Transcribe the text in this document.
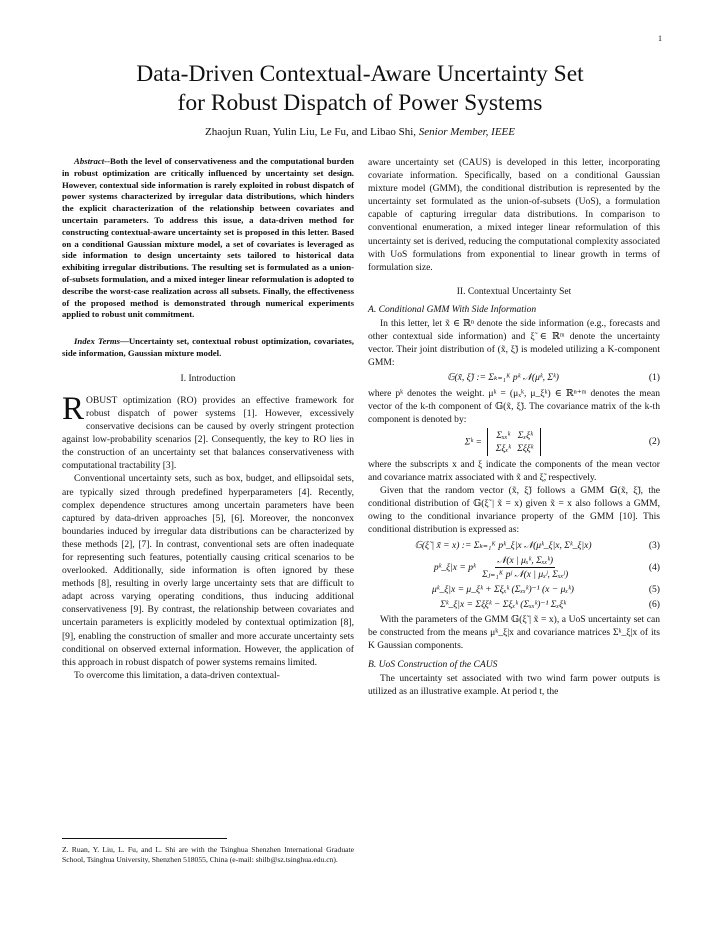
1
Data-Driven Contextual-Aware Uncertainty Set
for Robust Dispatch of Power Systems
Zhaojun Ruan, Yulin Liu, Le Fu, and Libao Shi, Senior Member, IEEE

Abstract--Both the level of conservativeness and the computational burden in robust optimization are critically influenced by uncertainty set design. However, contextual side information is rarely exploited in robust dispatch of power systems characterized by irregular data distributions, which hinders the explicit characterization of the relationship between covariates and uncertain parameters. To address this issue, a data-driven method for constructing contextual-aware uncertainty set is proposed in this letter. Based on a conditional Gaussian mixture model, a set of covariates is leveraged as side information to design uncertainty sets tailored to historical data exhibiting irregular distributions. The resulting set is formulated as a union-of-subsets formulation, and a mixed integer linear reformulation is adopted to describe the worst-case realization across all subsets. Finally, the effectiveness of the proposed method is demonstrated through numerical experiments applied to robust unit commitment.

Index Terms—Uncertainty set, contextual robust optimization, covariates, side information, Gaussian mixture model.

I. Introduction

ROBUST optimization (RO) provides an effective framework for robust dispatch of power systems [1]. However, excessively conservative decisions can be caused by overly stringent protection against low-probability scenarios [2]. Consequently, the key to RO lies in the construction of an uncertainty set that balances conservativeness with computational tractability [3].

Conventional uncertainty sets, such as box, budget, and ellipsoidal sets, are typically sized through predefined hyperparameters [4]. Recently, complex dependence structures among uncertain parameters have been captured by data-driven approaches [5], [6]. Moreover, the nonconvex boundaries induced by irregular data distributions can be characterized by these methods [2], [7]. In contrast, conventional sets are often inadequate for representing such features, potentially causing critical scenarios to be overlooked. Additionally, side information is often ignored by these methods [8], resulting in overly large uncertainty sets that are difficult to adapt across varying operating conditions, thus inducing additional conservativeness [9]. By contrast, the relationship between covariates and uncertain parameters is explicitly modeled by contextual optimization [8], [9], enabling the construction of smaller and more accurate uncertainty sets conditional on observed external information. However, the application of this approach in robust dispatch of power systems remains limited.

To overcome this limitation, a data-driven contextual-

Z. Ruan, Y. Liu, L. Fu, and L. Shi are with the Tsinghua Shenzhen International Graduate School, Tsinghua University, Shenzhen 518055, China (e-mail: shilb@sz.tsinghua.edu.cn).

aware uncertainty set (CAUS) is developed in this letter, incorporating covariate information. Specifically, based on a conditional Gaussian mixture model (GMM), the conditional distribution is represented by the uncertainty set formulated as the union-of-subsets (UoS), a formulation capable of capturing irregular data distributions. In comparison to conventional enumeration, a mixed integer linear reformulation of this uncertainty set is derived, reducing the computational complexity associated with UoS formulations from exponential to linear growth in terms of formulation size.

II. Contextual Uncertainty Set
A. Conditional GMM With Side Information

In this letter, let x̃ ∈ ℝⁿ denote the side information (e.g., forecasts and other contextual side information) and ξ̃ ∈ ℝᵐ denote the uncertainty vector. Their joint distribution of (x̃, ξ̃) is modeled utilizing a K-component GMM:

𝔾(x̃, ξ̃) := Σₖ₌₁ᴷ pᵏ 𝒩(μᵏ, Σᵏ)	(1)

where pᵏ denotes the weight. μᵏ = (μₓᵏ, μ_ξᵏ) ∈ ℝⁿ⁺ᵐ denotes the mean vector of the k-th component of 𝔾(x̃, ξ̃). The covariance matrix of the k-th component is denoted by:

Σᵏ =
Σₓₓᵏ Σₓξᵏ
Σξₓᵏ Σξξᵏ
(2)

where the subscripts x and ξ indicate the components of the mean vector and covariance matrix associated with x̃ and ξ̃, respectively.

Given that the random vector (x̃, ξ̃) follows a GMM 𝔾(x̃, ξ̃), the conditional distribution of 𝔾(ξ̃ | x̃ = x) given x̃ = x also follows a GMM, owing to the conditional invariance property of the GMM [10]. This conditional distribution is expressed as:

𝔾(ξ̃ | x̃ = x) := Σₖ₌₁ᴷ pᵏ_ξ|x 𝒩(μᵏ_ξ|x, Σᵏ_ξ|x)	(3)
pᵏ_ξ|x = pᵏ $\frac{\text{𝒩(x | μₓᵏ, Σₓₓᵏ)}}{\text{Σⱼ₌₁ᴷ pʲ 𝒩(x | μₓʲ, Σₓₓʲ)}}$	(4)
μᵏ_ξ|x = μ_ξᵏ + Σξₓᵏ (Σₓₓᵏ)⁻¹ (x − μₓᵏ)	(5)
Σᵏ_ξ|x = Σξξᵏ − Σξₓᵏ (Σₓₓᵏ)⁻¹ Σₓξᵏ	(6)

With the parameters of the GMM 𝔾(ξ̃ | x̃ = x), a UoS uncertainty set can be constructed from the means μᵏ_ξ|x and covariance matrices Σᵏ_ξ|x of its K Gaussian components.

B. UoS Construction of the CAUS

The uncertainty set associated with two wind farm power outputs is utilized as an illustrative example. At period t, the
